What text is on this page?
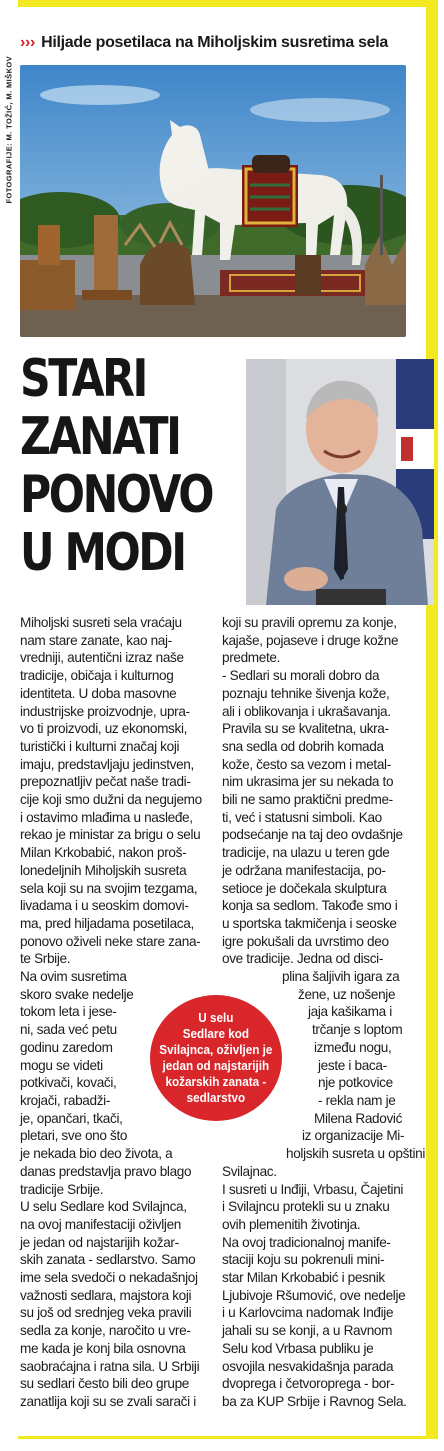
››› Hiljade posetilaca na Miholjskim susretima sela
FOTOGRAFIJE: M. TOŽIĆ, M. MIŠKOV
STARI
ZANATI
PONOVO
U MODI
Miholjski susreti sela vraćaju
nam stare zanate, kao naj-
vredniji, autentični izraz naše
tradicije, običaja i kulturnog
identiteta. U doba masovne
industrijske proizvodnje, upra-
vo ti proizvodi, uz ekonomski,
turistički i kulturni značaj koji
imaju, predstavljaju jedinstven,
prepoznatljiv pečat naše tradi-
cije koji smo dužni da negujemo
i ostavimo mlađima u nasleđe,
rekao je ministar za brigu o selu
Milan Krkobabić, nakon proš-
lonedeljnih Miholjskih susreta
sela koji su na svojim tezgama,
livadama i u seoskim domovi-
ma, pred hiljadama posetilaca,
ponovo oživeli neke stare zana-
te Srbije.
Na ovim susretima
skoro svake nedelje
tokom leta i jese-
ni, sada već petu
godinu zaredom
mogu se videti
potkivači, kovači,
krojači, rabadži-
je, opančari, tkači,
pletari, sve ono što
je nekada bio deo života, a
danas predstavlja pravo blago
tradicije Srbije.
U selu Sedlare kod Svilajnca,
na ovoj manifestaciji oživljen
je jedan od najstarijih kožar-
skih zanata - sedlarstvo. Samo
ime sela svedoči o nekadašnjoj
važnosti sedlara, majstora koji
su još od srednjeg veka pravili
sedla za konje, naročito u vre-
me kada je konj bila osnovna
saobraćajna i ratna sila. U Srbiji
su sedlari često bili deo grupe
zanatlija koji su se zvali sarači i
koji su pravili opremu za konje,
kajaše, pojaseve i druge kožne
predmete.
- Sedlari su morali dobro da
poznaju tehnike šivenja kože,
ali i oblikovanja i ukrašavanja.
Pravila su se kvalitetna, ukra-
sna sedla od dobrih komada
kože, često sa vezom i metal-
nim ukrasima jer su nekada to
bili ne samo praktični predme-
ti, već i statusni simboli. Kao
podsećanje na taj deo ovdašnje
tradicije, na ulazu u teren gde
je održana manifestacija, po-
setioce je dočekala skulptura
konja sa sedlom. Takođe smo i
u sportska takmičenja i seoske
igre pokušali da uvrstimo deo
ove tradicije. Jedna od disci-
plina šaljivih igara za
žene, uz nošenje
jaja kašikama i
trčanje s loptom
između nogu,
jeste i baca-
nje potkovice
- rekla nam je
Milena Radović
iz organizacije Mi-
holjskih susreta u opštini
Svilajnac.
I susreti u Inđiji, Vrbasu, Čajetini
i Svilajncu protekli su u znaku
ovih plemenitih životinja.
Na ovoj tradicionalnoj manife-
staciji koju su pokrenuli mini-
star Milan Krkobabić i pesnik
Ljubivoje Ršumović, ove nedelje
i u Karlovcima nadomak Inđije
jahali su se konji, a u Ravnom
Selu kod Vrbasa publiku je
osvojila nesvakidašnja parada
dvoprega i četvoroprega - bor-
ba za KUP Srbije i Ravnog Sela.
U selu
Sedlare kod
Svilajnca, oživljen je
jedan od najstarijih
kožarskih zanata -
sedlarstvo
